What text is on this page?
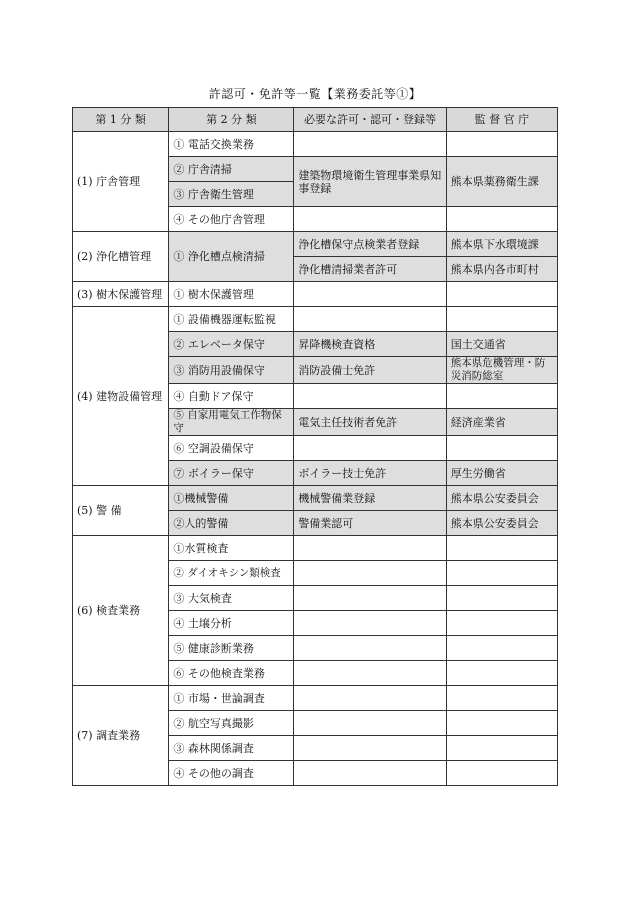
許認可・免許等一覧【業務委託等①】
第 1 分 類	第 2 分 類	必要な許可・認可・登録等	監 督 官 庁
(1) 庁舎管理	① 電話交換業務		
	② 庁舎清掃	建築物環境衛生管理事業県知事登録	熊本県薬務衛生課
	③ 庁舎衛生管理		
	④ その他庁舎管理		
(2) 浄化槽管理	① 浄化槽点検清掃	浄化槽保守点検業者登録	熊本県下水環境課
		浄化槽清掃業者許可	熊本県内各市町村
(3) 樹木保護管理	① 樹木保護管理		
(4) 建物設備管理	① 設備機器運転監視		
	② エレベータ保守	昇降機検査資格	国土交通省
	③ 消防用設備保守	消防設備士免許	熊本県危機管理・防災消防総室
	④ 自動ドア保守		
	⑤ 自家用電気工作物保守	電気主任技術者免許	経済産業省
	⑥ 空調設備保守		
	⑦ ボイラー保守	ボイラー技士免許	厚生労働省
(5) 警 備	①機械警備	機械警備業登録	熊本県公安委員会
	②人的警備	警備業認可	熊本県公安委員会
(6) 検査業務	①水質検査		
	② ダイオキシン類検査		
	③ 大気検査		
	④ 土壌分析		
	⑤ 健康診断業務		
	⑥ その他検査業務		
(7) 調査業務	① 市場・世論調査		
	② 航空写真撮影		
	③ 森林関係調査		
	④ その他の調査		
